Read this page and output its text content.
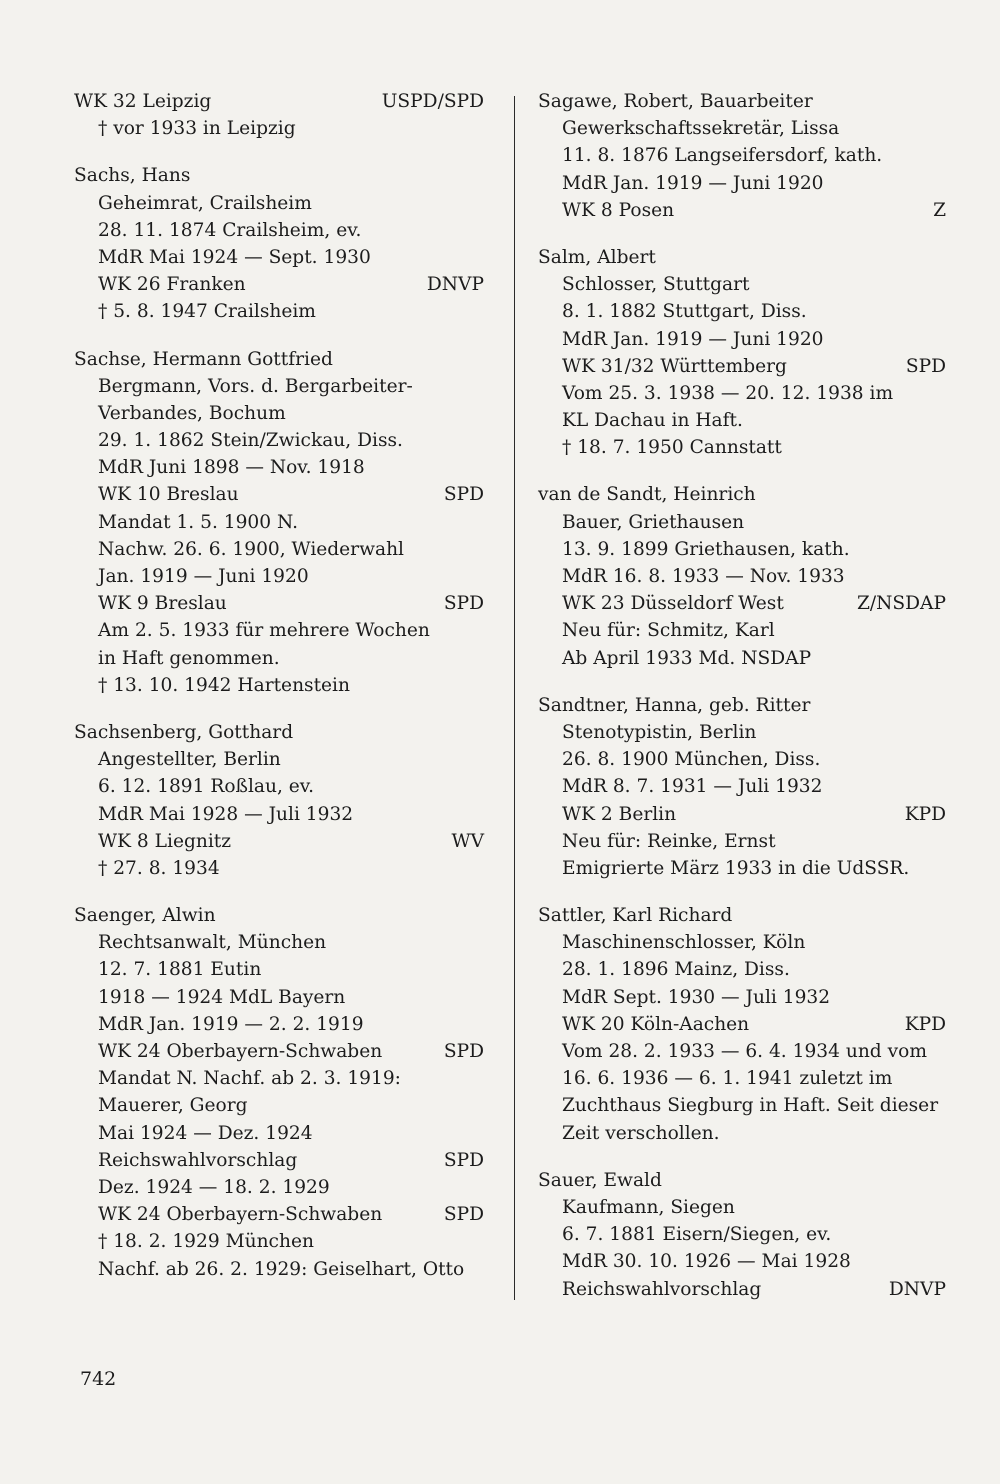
WK 32 Leipzig	USPD/SPD
† vor 1933 in Leipzig
Sachs, Hans
Geheimrat, Crailsheim
28. 11. 1874 Crailsheim, ev.
MdR Mai 1924 — Sept. 1930
WK 26 Franken	DNVP
† 5. 8. 1947 Crailsheim
Sachse, Hermann Gottfried
Bergmann, Vors. d. Bergarbeiter-
Verbandes, Bochum
29. 1. 1862 Stein/Zwickau, Diss.
MdR Juni 1898 — Nov. 1918
WK 10 Breslau	SPD
Mandat 1. 5. 1900 N.
Nachw. 26. 6. 1900, Wiederwahl
Jan. 1919 — Juni 1920
WK 9 Breslau	SPD
Am 2. 5. 1933 für mehrere Wochen
in Haft genommen.
† 13. 10. 1942 Hartenstein
Sachsenberg, Gotthard
Angestellter, Berlin
6. 12. 1891 Roßlau, ev.
MdR Mai 1928 — Juli 1932
WK 8 Liegnitz	WV
† 27. 8. 1934
Saenger, Alwin
Rechtsanwalt, München
12. 7. 1881 Eutin
1918 — 1924 MdL Bayern
MdR Jan. 1919 — 2. 2. 1919
WK 24 Oberbayern-Schwaben	SPD
Mandat N. Nachf. ab 2. 3. 1919:
Mauerer, Georg
Mai 1924 — Dez. 1924
Reichswahlvorschlag	SPD
Dez. 1924 — 18. 2. 1929
WK 24 Oberbayern-Schwaben	SPD
† 18. 2. 1929 München
Nachf. ab 26. 2. 1929: Geiselhart, Otto
Sagawe, Robert, Bauarbeiter
Gewerkschaftssekretär, Lissa
11. 8. 1876 Langseifersdorf, kath.
MdR Jan. 1919 — Juni 1920
WK 8 Posen	Z
Salm, Albert
Schlosser, Stuttgart
8. 1. 1882 Stuttgart, Diss.
MdR Jan. 1919 — Juni 1920
WK 31/32 Württemberg	SPD
Vom 25. 3. 1938 — 20. 12. 1938 im
KL Dachau in Haft.
† 18. 7. 1950 Cannstatt
van de Sandt, Heinrich
Bauer, Griethausen
13. 9. 1899 Griethausen, kath.
MdR 16. 8. 1933 — Nov. 1933
WK 23 Düsseldorf West	Z/NSDAP
Neu für: Schmitz, Karl
Ab April 1933 Md. NSDAP
Sandtner, Hanna, geb. Ritter
Stenotypistin, Berlin
26. 8. 1900 München, Diss.
MdR 8. 7. 1931 — Juli 1932
WK 2 Berlin	KPD
Neu für: Reinke, Ernst
Emigrierte März 1933 in die UdSSR.
Sattler, Karl Richard
Maschinenschlosser, Köln
28. 1. 1896 Mainz, Diss.
MdR Sept. 1930 — Juli 1932
WK 20 Köln-Aachen	KPD
Vom 28. 2. 1933 — 6. 4. 1934 und vom
16. 6. 1936 — 6. 1. 1941 zuletzt im
Zuchthaus Siegburg in Haft. Seit dieser
Zeit verschollen.
Sauer, Ewald
Kaufmann, Siegen
6. 7. 1881 Eisern/Siegen, ev.
MdR 30. 10. 1926 — Mai 1928
Reichswahlvorschlag	DNVP
742
